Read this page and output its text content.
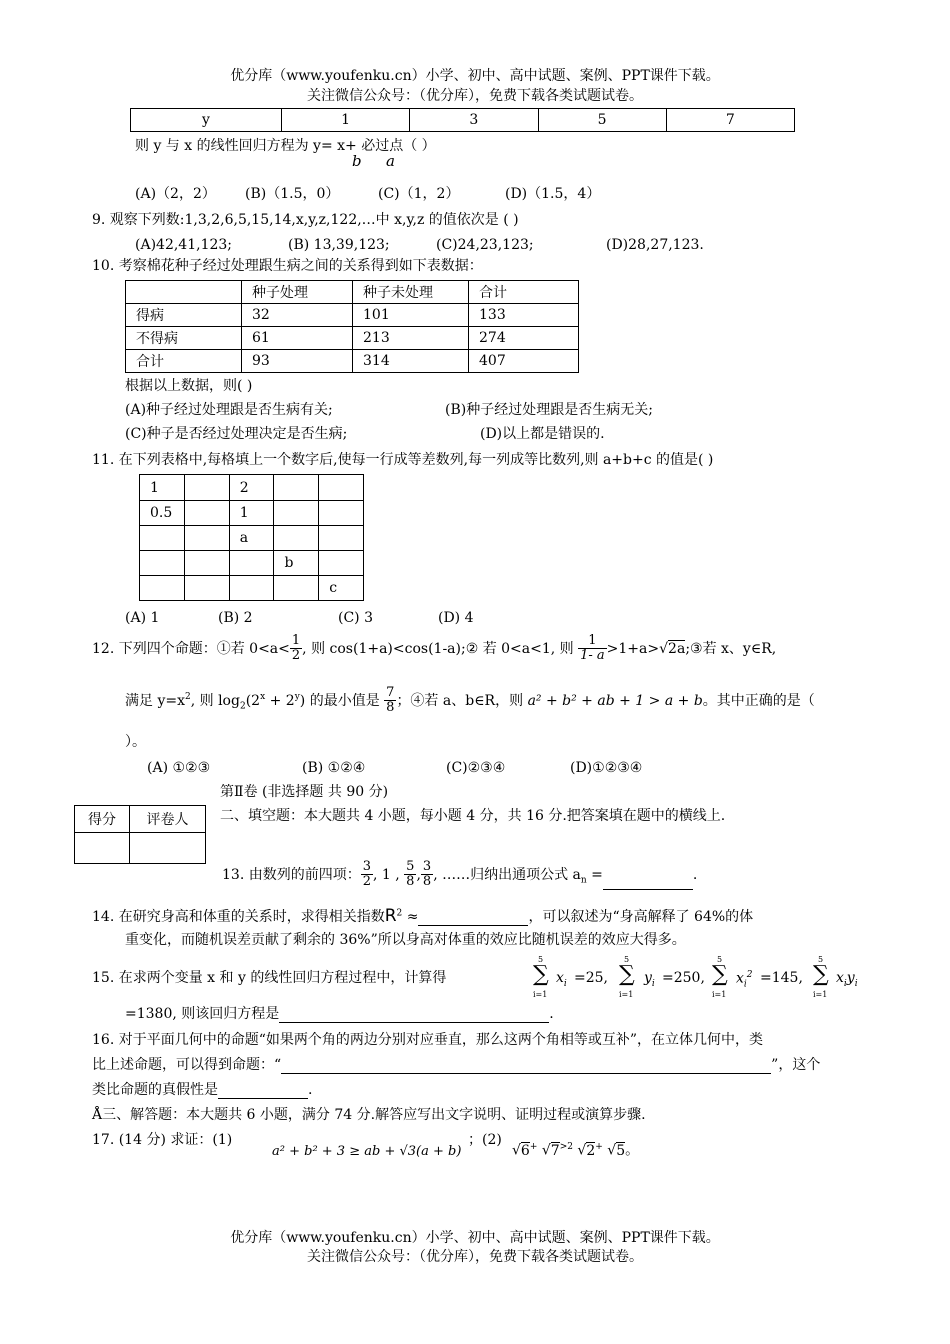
优分库（www.youfenku.cn）小学、初中、高中试题、案例、PPT课件下载。
关注微信公众号：（优分库），免费下载各类试题试卷。
y	1	3	5	7
则 y 与 x 的线性回归方程为 y= x+ 必过点（ ）
b a
(A)（2，2） (B)（1.5，0）	(C)（1，2）	(D)（1.5，4）
9. 观察下列数:1,3,2,6,5,15,14,x,y,z,122,…中 x,y,z 的值依次是 ( )
(A)42,41,123;	(B) 13,39,123;	(C)24,23,123;	(D)28,27,123.
10. 考察棉花种子经过处理跟生病之间的关系得到如下表数据：
	种子处理	种子未处理	合计
得病	32	101	133
不得病	61	213	274
合计	93	314	407
根据以上数据，则( )
(A)种子经过处理跟是否生病有关;	(B)种子经过处理跟是否生病无关;
(C)种子是否经过处理决定是否生病;	(D)以上都是错误的.
11. 在下列表格中,每格填上一个数字后,使每一行成等差数列,每一列成等比数列,则 a+b+c 的值是( )
1		2		
0.5		1		
		a		
			b	
				c
(A) 1	(B) 2	(C) 3	(D) 4
12. 下列四个命题：①若 $0<a< \frac{1}{2}$ , 则 cos(1+a)<cos(1-a);② 若 0<a<1, 则 $\frac{1}{1- a}$ >1+a>√2a;③若 x、y∈R,
满足 $y=x^2$, 则 $\log_2(2^x + 2^y)$ 的最小值是 $\frac{7}{8}$ ；④若 a、b∈R，则 a² + b² + ab + 1 > a + b。其中正确的是（
）。
(A) ①②③	(B) ①②④	(C)②③④	(D)①②③④
第Ⅱ卷 (非选择题 共 90 分)
得分	评卷人
	二、填空题：本大题共 4 小题，每小题 4 分，共 16 分.把答案填在题中的横线上.
13. 由数列的前四项： $\frac{3}{2}$ , 1 , $\frac{5}{8}$ , $\frac{3}{8}$ , ……归纳出通项公式 $a_n$ =	.
14. 在研究身高和体重的关系时，求得相关指数$R^2$ ≈	，可以叙述为“身高解释了 64%的体
重变化，而随机误差贡献了剩余的 36%”所以身高对体重的效应比随机误差的效应大得多。
15. 在求两个变量 x 和 y 的线性回归方程过程中，计算得
5
∑
i=1
$x_i =25$,
5
∑
i=1
$y_i =250$,
5
∑
i=1
$x_i^2 =145$,
5
∑
i=1
$x_iy_i$
=1380, 则该回归方程是	.
16. 对于平面几何中的命题“如果两个角的两边分别对应垂直，那么这两个角相等或互补”，在立体几何中，类
比上述命题，可以得到命题：“	”，这个
类比命题的真假性是	.
Å三、解答题：本大题共 6 小题，满分 74 分.解答应写出文字说明、证明过程或演算步骤.
17. (14 分) 求证：(1)
a² + b² + 3 ≥ ab + √3(a + b)
；(2)
√6+ $√7^{>2}$ √2+ √5。
优分库（www.youfenku.cn）小学、初中、高中试题、案例、PPT课件下载。
关注微信公众号：（优分库），免费下载各类试题试卷。
